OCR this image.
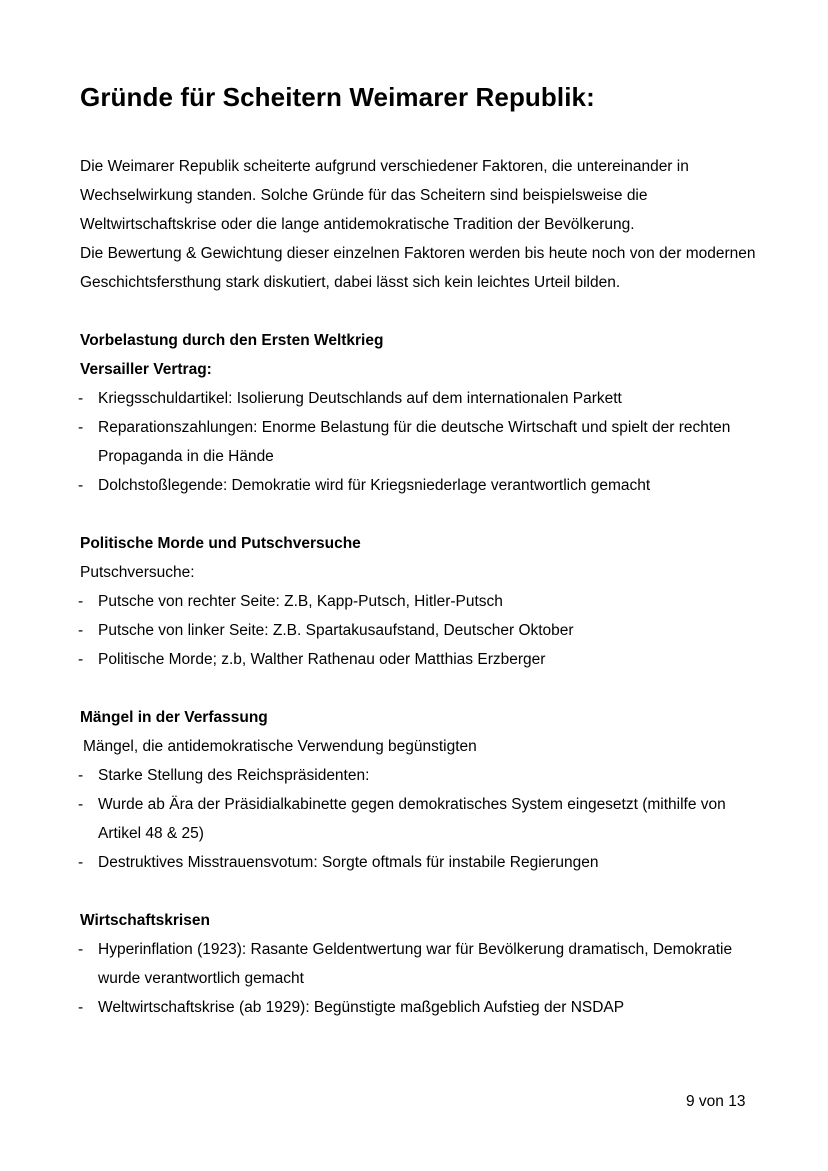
Gründe für Scheitern Weimarer Republik:

Die Weimarer Republik scheiterte aufgrund verschiedener Faktoren, die untereinander in Wechselwirkung standen. Solche Gründe für das Scheitern sind beispielsweise die Weltwirtschaftskrise oder die lange antidemokratische Tradition der Bevölkerung.

Die Bewertung & Gewichtung dieser einzelnen Faktoren werden bis heute noch von der modernen Geschichtsfersthung stark diskutiert, dabei lässt sich kein leichtes Urteil bilden.

Vorbelastung durch den Ersten Weltkrieg

Versailler Vertrag:

- Kriegsschuldartikel: Isolierung Deutschlands auf dem internationalen Parkett
- Reparationszahlungen: Enorme Belastung für die deutsche Wirtschaft und spielt der rechten Propaganda in die Hände
- Dolchstoßlegende: Demokratie wird für Kriegsniederlage verantwortlich gemacht

Politische Morde und Putschversuche

Putschversuche:

- Putsche von rechter Seite: Z.B, Kapp-Putsch, Hitler-Putsch
- Putsche von linker Seite: Z.B. Spartakusaufstand, Deutscher Oktober
- Politische Morde; z.b, Walther Rathenau oder Matthias Erzberger

Mängel in der Verfassung

Mängel, die antidemokratische Verwendung begünstigten

- Starke Stellung des Reichspräsidenten:
- Wurde ab Ära der Präsidialkabinette gegen demokratisches System eingesetzt (mithilfe von Artikel 48 & 25)
- Destruktives Misstrauensvotum: Sorgte oftmals für instabile Regierungen

Wirtschaftskrisen

- Hyperinflation (1923): Rasante Geldentwertung war für Bevölkerung dramatisch, Demokratie wurde verantwortlich gemacht
- Weltwirtschaftskrise (ab 1929): Begünstigte maßgeblich Aufstieg der NSDAP
9 von 13
